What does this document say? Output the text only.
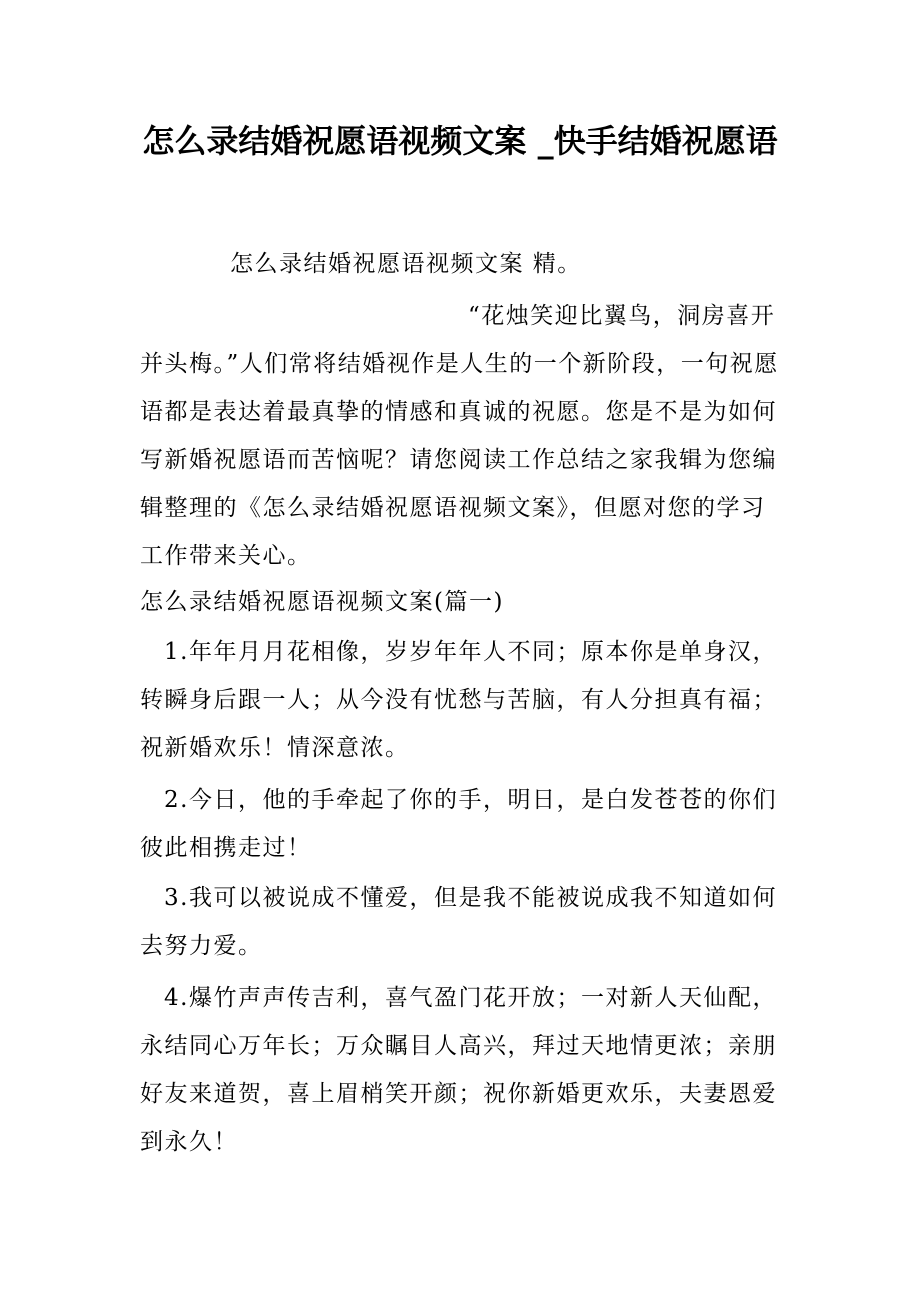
怎么录结婚祝愿语视频文案 _快手结婚祝愿语

怎么录结婚祝愿语视频文案 精。

“花烛笑迎比翼鸟，洞房喜开并头梅。”人们常将结婚视作是人生的一个新阶段，一句祝愿语都是表达着最真挚的情感和真诚的祝愿。您是不是为如何写新婚祝愿语而苦恼呢？请您阅读工作总结之家我辑为您编辑整理的《怎么录结婚祝愿语视频文案》，但愿对您的学习工作带来关心。

怎么录结婚祝愿语视频文案(篇一)

1.年年月月花相像，岁岁年年人不同；原本你是单身汉，转瞬身后跟一人；从今没有忧愁与苦脑，有人分担真有福；祝新婚欢乐！情深意浓。

2.今日，他的手牵起了你的手，明日，是白发苍苍的你们彼此相携走过！

3.我可以被说成不懂爱，但是我不能被说成我不知道如何去努力爱。

4.爆竹声声传吉利，喜气盈门花开放；一对新人天仙配，永结同心万年长；万众瞩目人高兴，拜过天地情更浓；亲朋好友来道贺，喜上眉梢笑开颜；祝你新婚更欢乐，夫妻恩爱到永久！
